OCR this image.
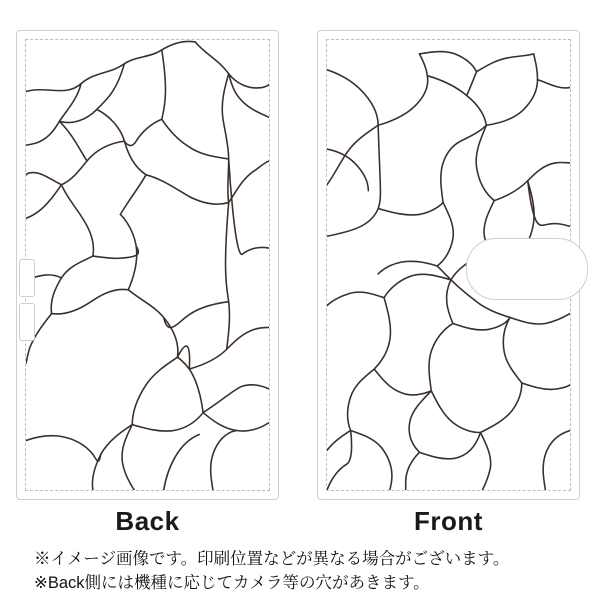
Back	Front
※イメージ画像です。印刷位置などが異なる場合がございます。
※Back側には機種に応じてカメラ等の穴があきます。
